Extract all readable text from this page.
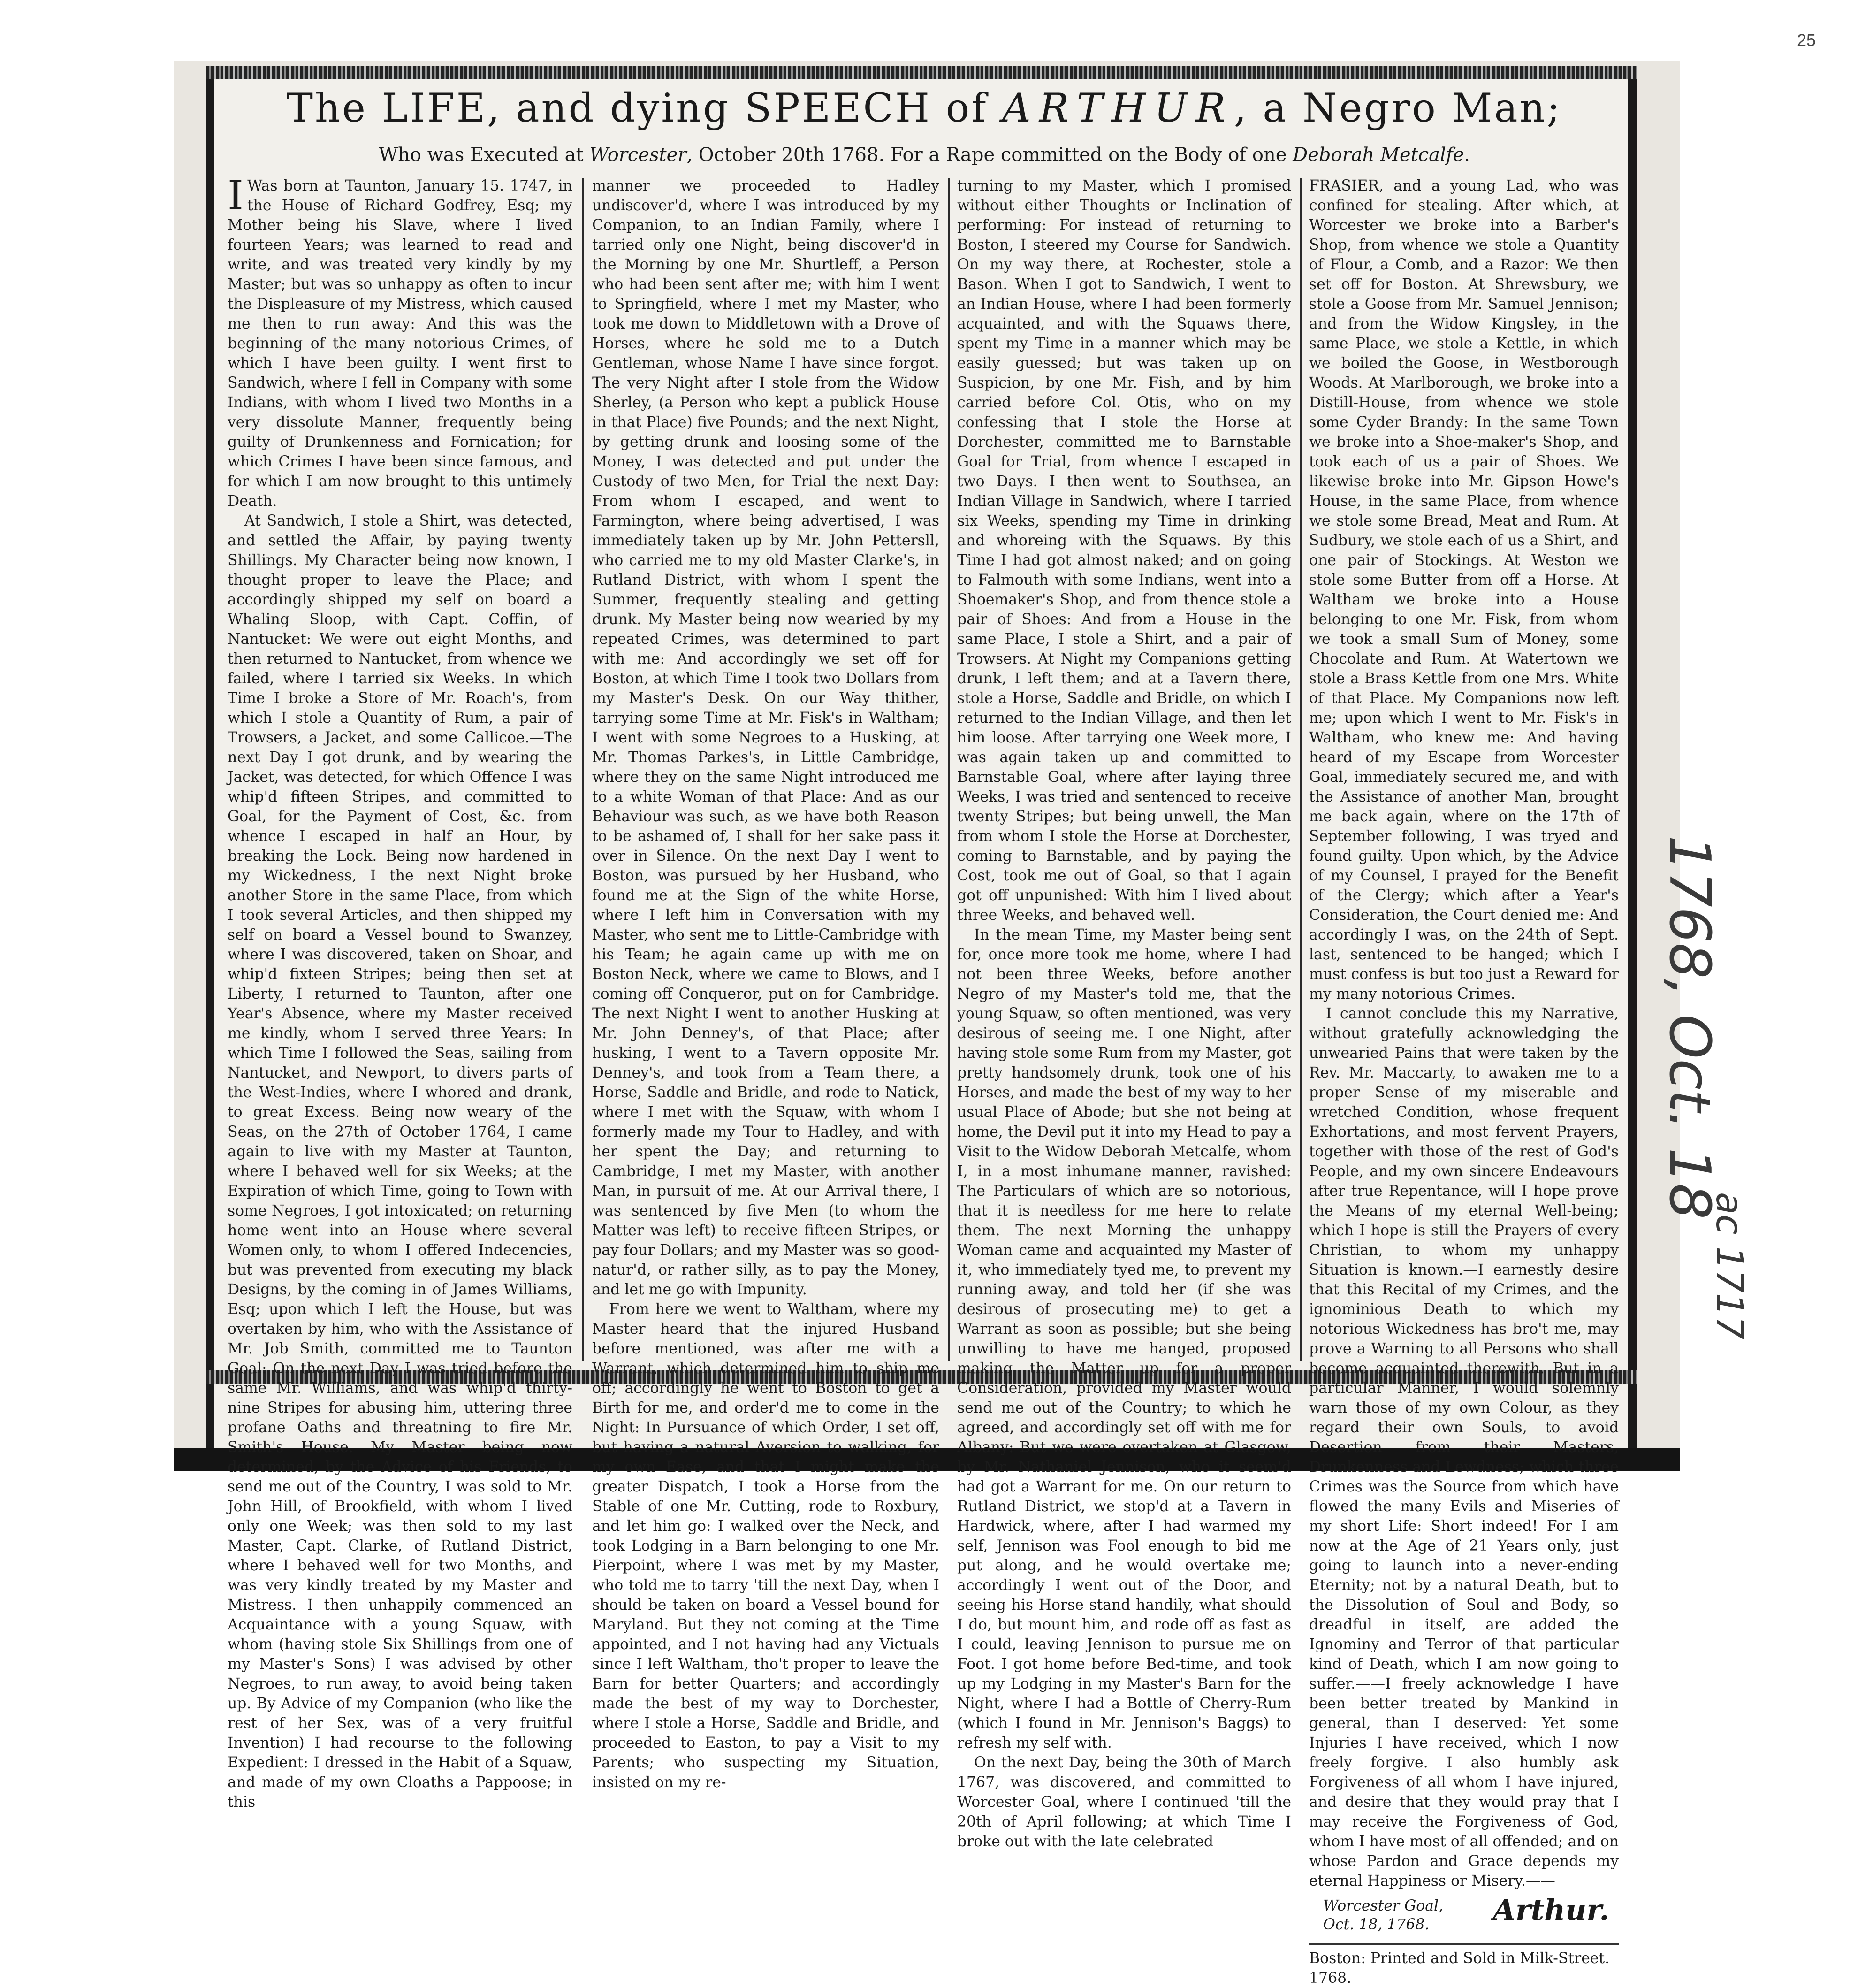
The LIFE, and dying SPEECH of ARTHUR, a Negro Man;
Who was Executed at Worcester, October 20th 1768. For a Rape committed on the Body of one Deborah Metcalfe.

I Was born at Taunton, January 15. 1747, in the House of Richard Godfrey, Esq; my Mother being his Slave, where I lived fourteen Years; was learned to read and write, and was treated very kindly by my Master; but was so unhappy as often to incur the Displeasure of my Mistress, which caused me then to run away: And this was the beginning of the many notorious Crimes, of which I have been guilty. I went first to Sandwich, where I fell in Company with some Indians, with whom I lived two Months in a very dissolute Manner, frequently being guilty of Drunkenness and Fornication; for which Crimes I have been since famous, and for which I am now brought to this untimely Death.

At Sandwich, I stole a Shirt, was detected, and settled the Affair, by paying twenty Shillings. My Character being now known, I thought proper to leave the Place; and accordingly shipped my self on board a Whaling Sloop, with Capt. Coffin, of Nantucket: We were out eight Months, and then returned to Nantucket, from whence we failed, where I tarried six Weeks. In which Time I broke a Store of Mr. Roach's, from which I stole a Quantity of Rum, a pair of Trowsers, a Jacket, and some Callicoe.—The next Day I got drunk, and by wearing the Jacket, was detected, for which Offence I was whip'd fifteen Stripes, and committed to Goal, for the Payment of Cost, &c. from whence I escaped in half an Hour, by breaking the Lock. Being now hardened in my Wickedness, I the next Night broke another Store in the same Place, from which I took several Articles, and then shipped my self on board a Vessel bound to Swanzey, where I was discovered, taken on Shoar, and whip'd fixteen Stripes; being then set at Liberty, I returned to Taunton, after one Year's Absence, where my Master received me kindly, whom I served three Years: In which Time I followed the Seas, sailing from Nantucket, and Newport, to divers parts of the West-Indies, where I whored and drank, to great Excess. Being now weary of the Seas, on the 27th of October 1764, I came again to live with my Master at Taunton, where I behaved well for six Weeks; at the Expiration of which Time, going to Town with some Negroes, I got intoxicated; on returning home went into an House where several Women only, to whom I offered Indecencies, but was prevented from executing my black Designs, by the coming in of James Williams, Esq; upon which I left the House, but was overtaken by him, who with the Assistance of Mr. Job Smith, committed me to Taunton Goal: On the next Day I was tried before the same Mr. Williams, and was whip'd thirty-nine Stripes for abusing him, uttering three profane Oaths and threatning to fire Mr. Smith's House. My Master being now determined, by the Advice of his Friends, to send me out of the Country, I was sold to Mr. John Hill, of Brookfield, with whom I lived only one Week; was then sold to my last Master, Capt. Clarke, of Rutland District, where I behaved well for two Months, and was very kindly treated by my Master and Mistress. I then unhappily commenced an Acquaintance with a young Squaw, with whom (having stole Six Shillings from one of my Master's Sons) I was advised by other Negroes, to run away, to avoid being taken up. By Advice of my Companion (who like the rest of her Sex, was of a very fruitful Invention) I had recourse to the following Expedient: I dressed in the Habit of a Squaw, and made of my own Cloaths a Pappoose; in this

manner we proceeded to Hadley undiscover'd, where I was introduced by my Companion, to an Indian Family, where I tarried only one Night, being discover'd in the Morning by one Mr. Shurtleff, a Person who had been sent after me; with him I went to Springfield, where I met my Master, who took me down to Middletown with a Drove of Horses, where he sold me to a Dutch Gentleman, whose Name I have since forgot. The very Night after I stole from the Widow Sherley, (a Person who kept a publick House in that Place) five Pounds; and the next Night, by getting drunk and loosing some of the Money, I was detected and put under the Custody of two Men, for Trial the next Day: From whom I escaped, and went to Farmington, where being advertised, I was immediately taken up by Mr. John Pettersll, who carried me to my old Master Clarke's, in Rutland District, with whom I spent the Summer, frequently stealing and getting drunk. My Master being now wearied by my repeated Crimes, was determined to part with me: And accordingly we set off for Boston, at which Time I took two Dollars from my Master's Desk. On our Way thither, tarrying some Time at Mr. Fisk's in Waltham; I went with some Negroes to a Husking, at Mr. Thomas Parkes's, in Little Cambridge, where they on the same Night introduced me to a white Woman of that Place: And as our Behaviour was such, as we have both Reason to be ashamed of, I shall for her sake pass it over in Silence. On the next Day I went to Boston, was pursued by her Husband, who found me at the Sign of the white Horse, where I left him in Conversation with my Master, who sent me to Little-Cambridge with his Team; he again came up with me on Boston Neck, where we came to Blows, and I coming off Conqueror, put on for Cambridge. The next Night I went to another Husking at Mr. John Denney's, of that Place; after husking, I went to a Tavern opposite Mr. Denney's, and took from a Team there, a Horse, Saddle and Bridle, and rode to Natick, where I met with the Squaw, with whom I formerly made my Tour to Hadley, and with her spent the Day; and returning to Cambridge, I met my Master, with another Man, in pursuit of me. At our Arrival there, I was sentenced by five Men (to whom the Matter was left) to receive fifteen Stripes, or pay four Dollars; and my Master was so good-natur'd, or rather silly, as to pay the Money, and let me go with Impunity.

From here we went to Waltham, where my Master heard that the injured Husband before mentioned, was after me with a Warrant, which determined him to ship me off; accordingly he went to Boston to get a Birth for me, and order'd me to come in the Night: In Pursuance of which Order, I set off, but having a natural Aversion to walking, for my own Ease, and that I might make the greater Dispatch, I took a Horse from the Stable of one Mr. Cutting, rode to Roxbury, and let him go: I walked over the Neck, and took Lodging in a Barn belonging to one Mr. Pierpoint, where I was met by my Master, who told me to tarry 'till the next Day, when I should be taken on board a Vessel bound for Maryland. But they not coming at the Time appointed, and I not having had any Victuals since I left Waltham, tho't proper to leave the Barn for better Quarters; and accordingly made the best of my way to Dorchester, where I stole a Horse, Saddle and Bridle, and proceeded to Easton, to pay a Visit to my Parents; who suspecting my Situation, insisted on my re-

turning to my Master, which I promised without either Thoughts or Inclination of performing: For instead of returning to Boston, I steered my Course for Sandwich. On my way there, at Rochester, stole a Bason. When I got to Sandwich, I went to an Indian House, where I had been formerly acquainted, and with the Squaws there, spent my Time in a manner which may be easily guessed; but was taken up on Suspicion, by one Mr. Fish, and by him carried before Col. Otis, who on my confessing that I stole the Horse at Dorchester, committed me to Barnstable Goal for Trial, from whence I escaped in two Days. I then went to Southsea, an Indian Village in Sandwich, where I tarried six Weeks, spending my Time in drinking and whoreing with the Squaws. By this Time I had got almost naked; and on going to Falmouth with some Indians, went into a Shoemaker's Shop, and from thence stole a pair of Shoes: And from a House in the same Place, I stole a Shirt, and a pair of Trowsers. At Night my Companions getting drunk, I left them; and at a Tavern there, stole a Horse, Saddle and Bridle, on which I returned to the Indian Village, and then let him loose. After tarrying one Week more, I was again taken up and committed to Barnstable Goal, where after laying three Weeks, I was tried and sentenced to receive twenty Stripes; but being unwell, the Man from whom I stole the Horse at Dorchester, coming to Barnstable, and by paying the Cost, took me out of Goal, so that I again got off unpunished: With him I lived about three Weeks, and behaved well.

In the mean Time, my Master being sent for, once more took me home, where I had not been three Weeks, before another Negro of my Master's told me, that the young Squaw, so often mentioned, was very desirous of seeing me. I one Night, after having stole some Rum from my Master, got pretty handsomely drunk, took one of his Horses, and made the best of my way to her usual Place of Abode; but she not being at home, the Devil put it into my Head to pay a Visit to the Widow Deborah Metcalfe, whom I, in a most inhumane manner, ravished: The Particulars of which are so notorious, that it is needless for me here to relate them. The next Morning the unhappy Woman came and acquainted my Master of it, who immediately tyed me, to prevent my running away, and told her (if she was desirous of prosecuting me) to get a Warrant as soon as possible; but she being unwilling to have me hanged, proposed making the Matter up for a proper Consideration, provided my Master would send me out of the Country; to which he agreed, and accordingly set off with me for Albany: But we were overtaken at Glasgow, by Mr. Nathaniel Jennison, who it seem'd had got a Warrant for me. On our return to Rutland District, we stop'd at a Tavern in Hardwick, where, after I had warmed my self, Jennison was Fool enough to bid me put along, and he would overtake me; accordingly I went out of the Door, and seeing his Horse stand handily, what should I do, but mount him, and rode off as fast as I could, leaving Jennison to pursue me on Foot. I got home before Bed-time, and took up my Lodging in my Master's Barn for the Night, where I had a Bottle of Cherry-Rum (which I found in Mr. Jennison's Baggs) to refresh my self with.

On the next Day, being the 30th of March 1767, was discovered, and committed to Worcester Goal, where I continued 'till the 20th of April following; at which Time I broke out with the late celebrated

FRASIER, and a young Lad, who was confined for stealing. After which, at Worcester we broke into a Barber's Shop, from whence we stole a Quantity of Flour, a Comb, and a Razor: We then set off for Boston. At Shrewsbury, we stole a Goose from Mr. Samuel Jennison; and from the Widow Kingsley, in the same Place, we stole a Kettle, in which we boiled the Goose, in Westborough Woods. At Marlborough, we broke into a Distill-House, from whence we stole some Cyder Brandy: In the same Town we broke into a Shoe-maker's Shop, and took each of us a pair of Shoes. We likewise broke into Mr. Gipson Howe's House, in the same Place, from whence we stole some Bread, Meat and Rum. At Sudbury, we stole each of us a Shirt, and one pair of Stockings. At Weston we stole some Butter from off a Horse. At Waltham we broke into a House belonging to one Mr. Fisk, from whom we took a small Sum of Money, some Chocolate and Rum. At Watertown we stole a Brass Kettle from one Mrs. White of that Place. My Companions now left me; upon which I went to Mr. Fisk's in Waltham, who knew me: And having heard of my Escape from Worcester Goal, immediately secured me, and with the Assistance of another Man, brought me back again, where on the 17th of September following, I was tryed and found guilty. Upon which, by the Advice of my Counsel, I prayed for the Benefit of the Clergy; which after a Year's Consideration, the Court denied me: And accordingly I was, on the 24th of Sept. last, sentenced to be hanged; which I must confess is but too just a Reward for my many notorious Crimes.

I cannot conclude this my Narrative, without gratefully acknowledging the unwearied Pains that were taken by the Rev. Mr. Maccarty, to awaken me to a proper Sense of my miserable and wretched Condition, whose frequent Exhortations, and most fervent Prayers, together with those of the rest of God's People, and my own sincere Endeavours after true Repentance, will I hope prove the Means of my eternal Well-being; which I hope is still the Prayers of every Christian, to whom my unhappy Situation is known.—I earnestly desire that this Recital of my Crimes, and the ignominious Death to which my notorious Wickedness has bro't me, may prove a Warning to all Persons who shall become acquainted therewith. But in a particular Manner, I would solemnly warn those of my own Colour, as they regard their own Souls, to avoid Desertion from their Masters, Drunkenness and Lewdness; which three Crimes was the Source from which have flowed the many Evils and Miseries of my short Life: Short indeed! For I am now at the Age of 21 Years only, just going to launch into a never-ending Eternity; not by a natural Death, but to the Dissolution of Soul and Body, so dreadful in itself, are added the Ignominy and Terror of that particular kind of Death, which I am now going to suffer.——I freely acknowledge I have been better treated by Mankind in general, than I deserved: Yet some Injuries I have received, which I now freely forgive. I also humbly ask Forgiveness of all whom I have injured, and desire that they would pray that I may receive the Forgiveness of God, whom I have most of all offended; and on whose Pardon and Grace depends my eternal Happiness or Misery.——

Worcester Goal,
Oct. 18, 1768.	Arthur.
Boston: Printed and Sold in Milk-Street. 1768.
25
1768, Oct. 18
ac 1717
